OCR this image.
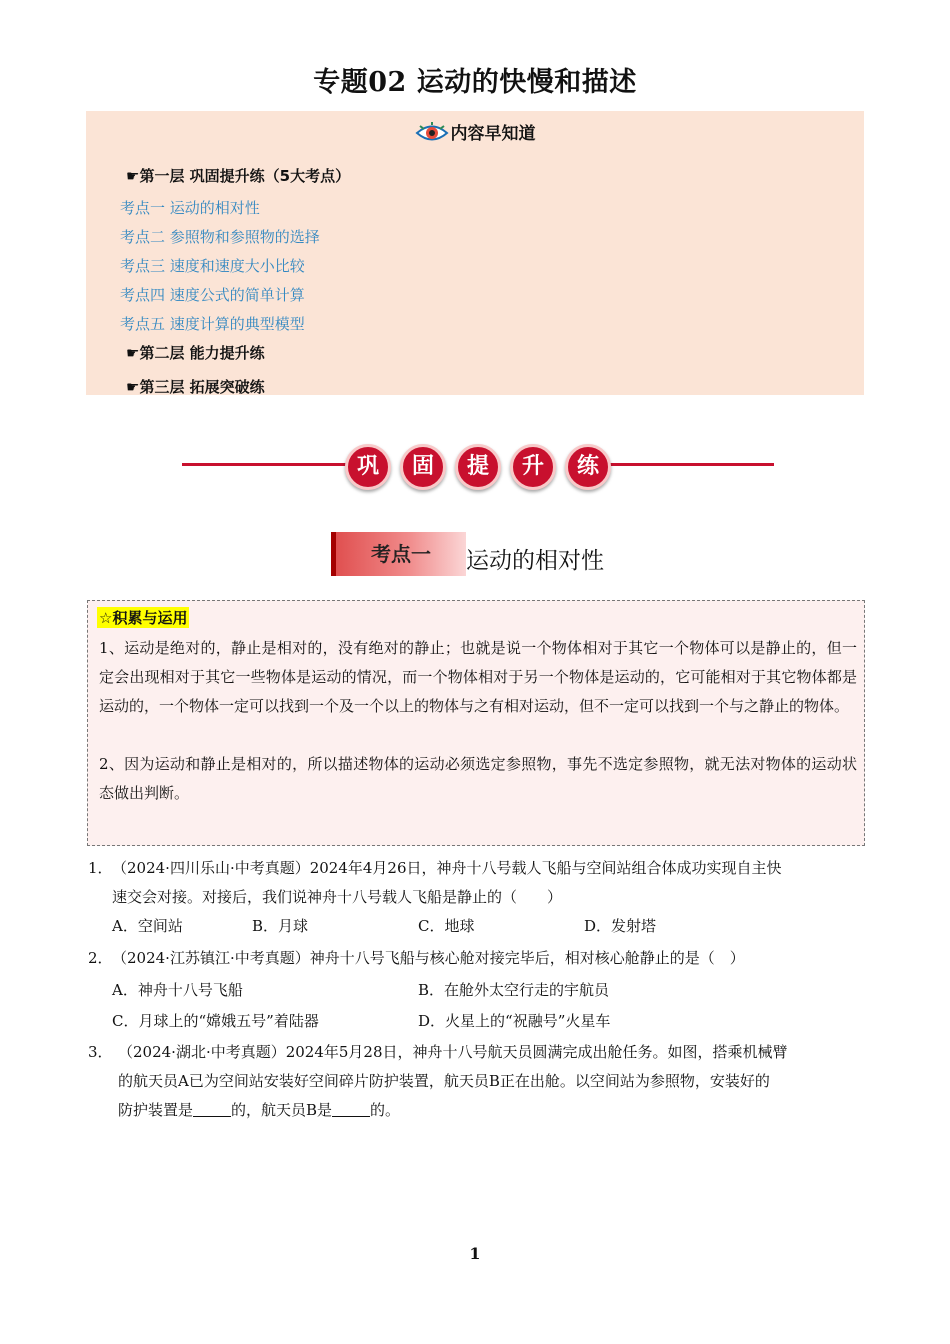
专题02 运动的快慢和描述
内容早知道
☛第一层 巩固提升练（5大考点）
考点一 运动的相对性
考点二 参照物和参照物的选择
考点三 速度和速度大小比较
考点四 速度公式的简单计算
考点五 速度计算的典型模型
☛第二层 能力提升练
☛第三层 拓展突破练
巩	固	提	升	练
考点一	运动的相对性
☆积累与运用
1、运动是绝对的，静止是相对的，没有绝对的静止；也就是说一个物体相对于其它一个物体可以是静止的，但一定会出现相对于其它一些物体是运动的情况，而一个物体相对于另一个物体是运动的，它可能相对于其它物体都是运动的，一个物体一定可以找到一个及一个以上的物体与之有相对运动，但不一定可以找到一个与之静止的物体。
2、因为运动和静止是相对的，所以描述物体的运动必须选定参照物，事先不选定参照物，就无法对物体的运动状态做出判断。
1． （2024·四川乐山·中考真题）2024年4月26日，神舟十八号载人飞船与空间站组合体成功实现自主快
速交会对接。对接后，我们说神舟十八号载人飞船是静止的（　　）
A．空间站	B．月球	C．地球	D．发射塔
2． （2024·江苏镇江·中考真题）神舟十八号飞船与核心舱对接完毕后，相对核心舱静止的是（　）
A．神舟十八号飞船	B．在舱外太空行走的宇航员
C．月球上的“嫦娥五号”着陆器	D．火星上的“祝融号”火星车
3． （2024·湖北·中考真题）2024年5月28日，神舟十八号航天员圆满完成出舱任务。如图，搭乘机械臂
的航天员A已为空间站安装好空间碎片防护装置，航天员B正在出舱。以空间站为参照物，安装好的
防护装置是	的，航天员B是	的。
1
